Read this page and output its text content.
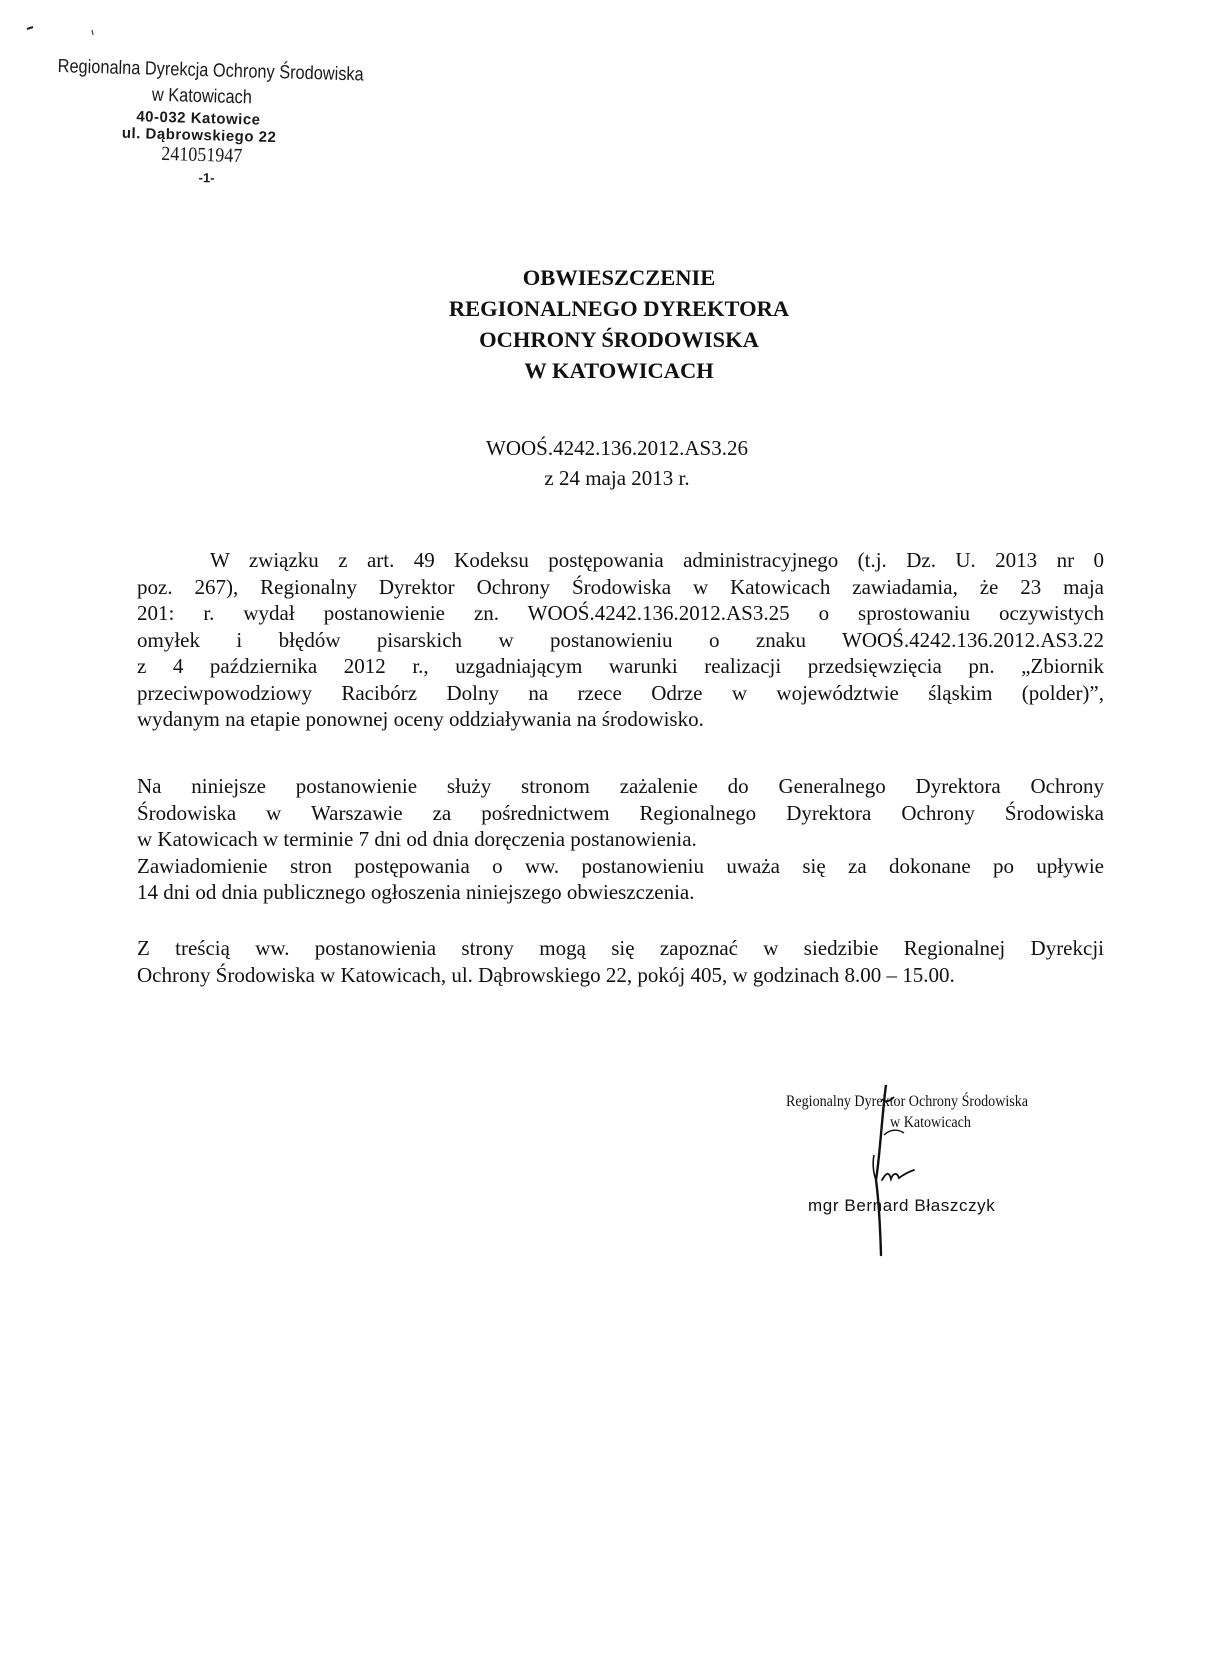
Regionalna Dyrekcja Ochrony Środowiska
w Katowicach
40-032 Katowice
ul. Dąbrowskiego 22
241051947
-1-
OBWIESZCZENIE
REGIONALNEGO DYREKTORA
OCHRONY ŚRODOWISKA
W KATOWICACH
WOOŚ.4242.136.2012.AS3.26
z 24 maja 2013 r.
W związku z art. 49 Kodeksu postępowania administracyjnego (t.j. Dz. U. 2013 nr 0
poz. 267), Regionalny Dyrektor Ochrony Środowiska w Katowicach zawiadamia, że 23 maja
201: r. wydał postanowienie zn. WOOŚ.4242.136.2012.AS3.25 o sprostowaniu oczywistych
omyłek i błędów pisarskich w postanowieniu o znaku WOOŚ.4242.136.2012.AS3.22
z 4 października 2012 r., uzgadniającym warunki realizacji przedsięwzięcia pn. „Zbiornik
przeciwpowodziowy Racibórz Dolny na rzece Odrze w województwie śląskim (polder)”,
wydanym na etapie ponownej oceny oddziaływania na środowisko.
Na niniejsze postanowienie służy stronom zażalenie do Generalnego Dyrektora Ochrony
Środowiska w Warszawie za pośrednictwem Regionalnego Dyrektora Ochrony Środowiska
w Katowicach w terminie 7 dni od dnia doręczenia postanowienia.
Zawiadomienie stron postępowania o ww. postanowieniu uważa się za dokonane po upływie
14 dni od dnia publicznego ogłoszenia niniejszego obwieszczenia.
Z treścią ww. postanowienia strony mogą się zapoznać w siedzibie Regionalnej Dyrekcji
Ochrony Środowiska w Katowicach, ul. Dąbrowskiego 22, pokój 405, w godzinach 8.00 – 15.00.
Regionalny Dyrektor Ochrony Środowiska
w Katowicach
mgr Bernard Błaszczyk
